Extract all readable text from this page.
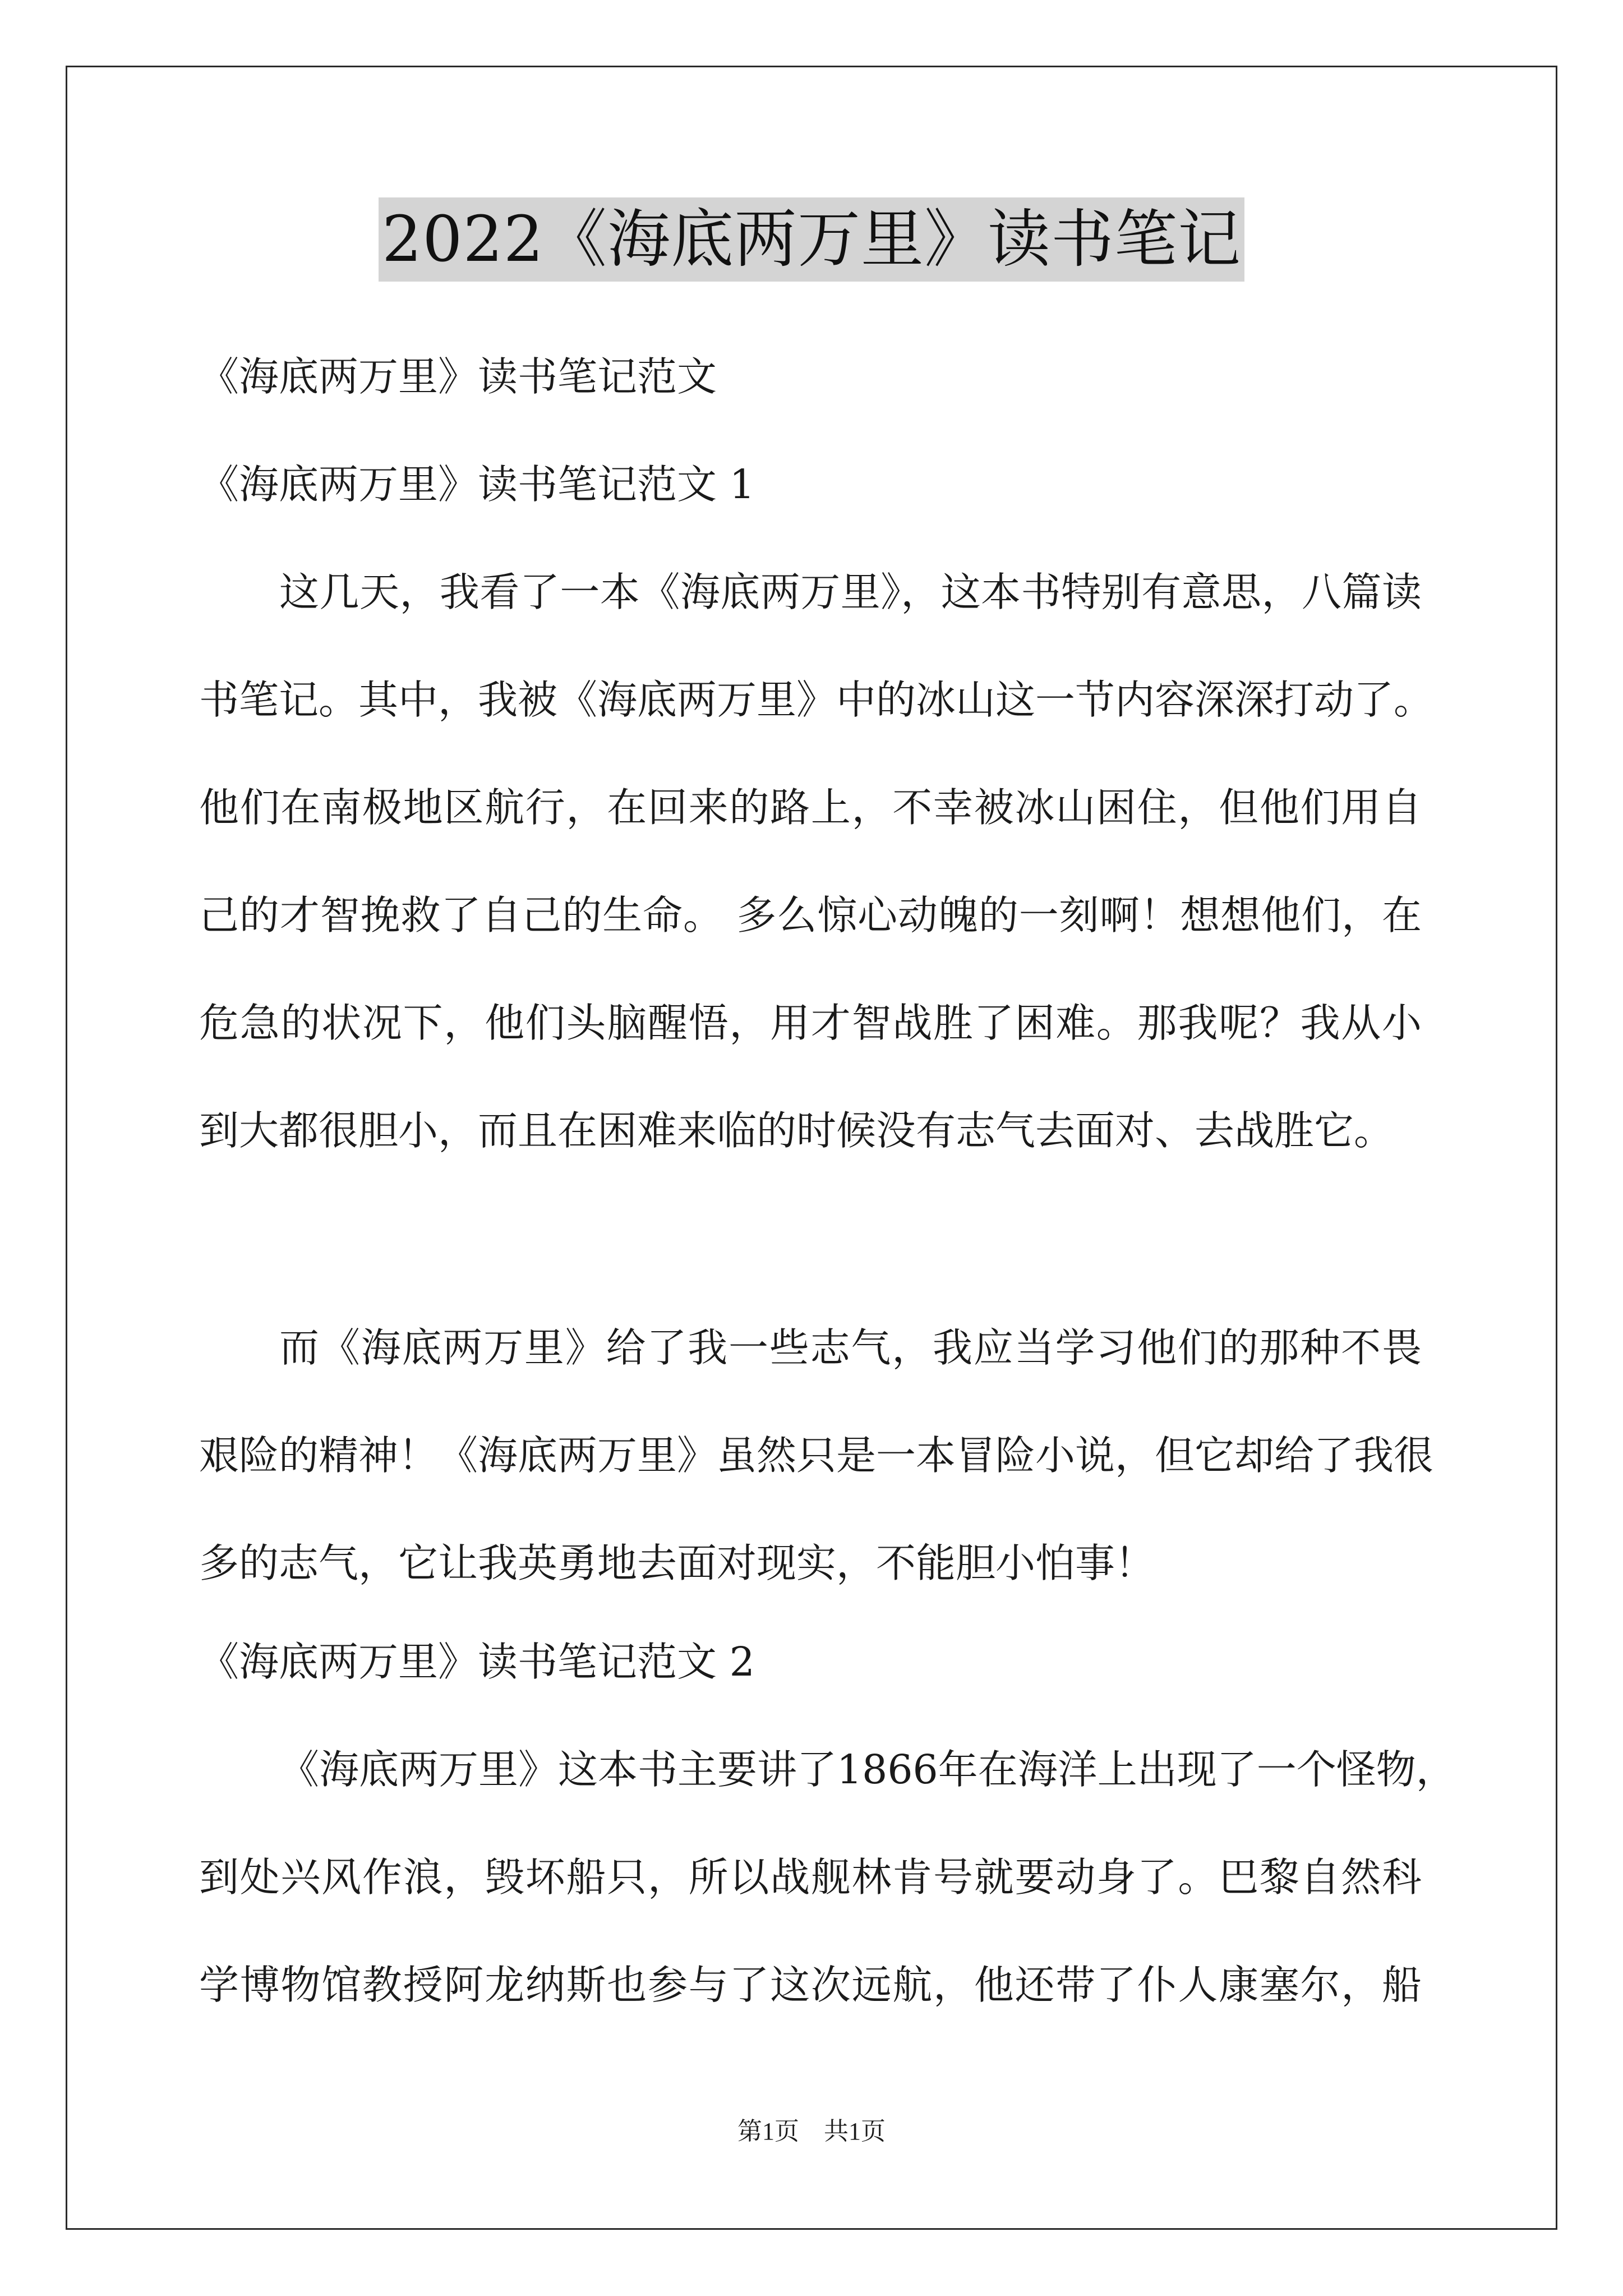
2022《海底两万里》读书笔记
《海底两万里》读书笔记范文
《海底两万里》读书笔记范文 1
这几天，我看了一本《海底两万里》，这本书特别有意思，八篇读
书笔记。其中，我被《海底两万里》中的冰山这一节内容深深打动了。
他们在南极地区航行，在回来的路上，不幸被冰山困住，但他们用自
己的才智挽救了自己的生命。 多么惊心动魄的一刻啊！想想他们，在
危急的状况下，他们头脑醒悟，用才智战胜了困难。那我呢？我从小
到大都很胆小，而且在困难来临的时候没有志气去面对、去战胜它。
而《海底两万里》给了我一些志气，我应当学习他们的那种不畏
艰险的精神！《海底两万里》虽然只是一本冒险小说，但它却给了我很
多的志气，它让我英勇地去面对现实，不能胆小怕事！
《海底两万里》读书笔记范文 2
《海底两万里》这本书主要讲了1866年在海洋上出现了一个怪物，
到处兴风作浪，毁坏船只，所以战舰林肯号就要动身了。巴黎自然科
学博物馆教授阿龙纳斯也参与了这次远航，他还带了仆人康塞尔，船
第1页 共1页
